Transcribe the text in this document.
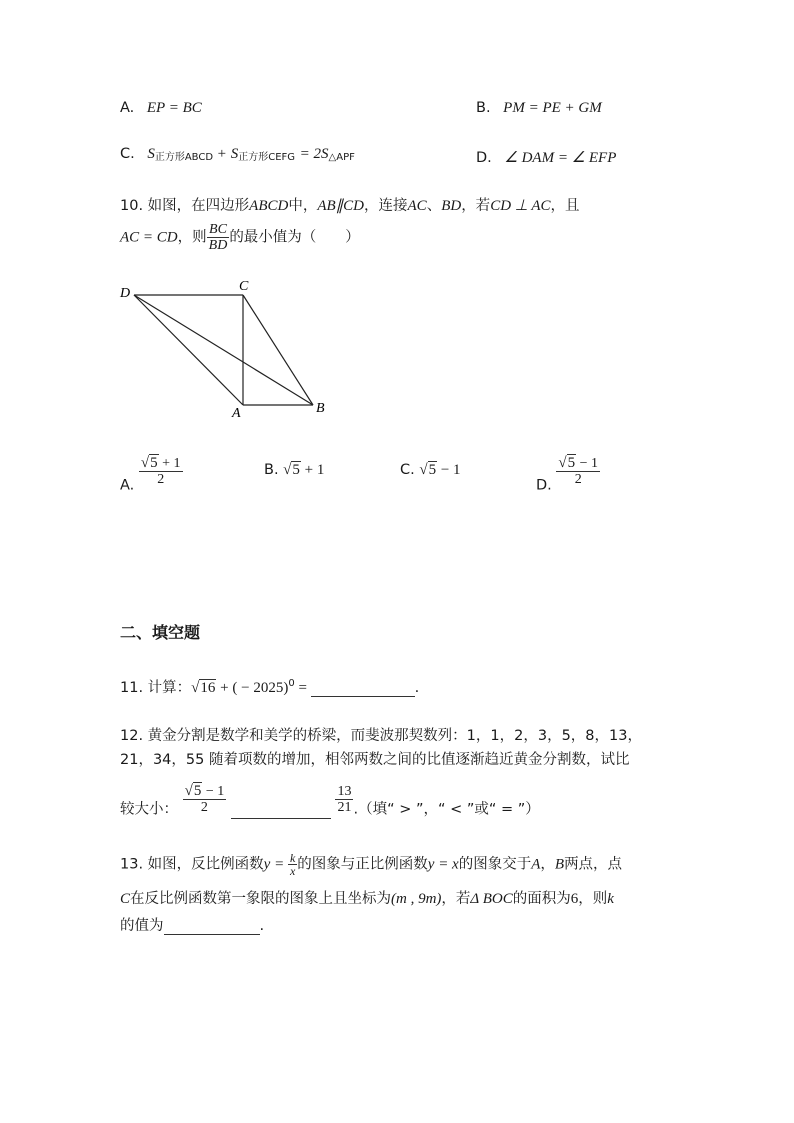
A. EP = BC	B. PM = PE + GM
C. $S_{正方形ABCD} + S_{正方形CEFG} = 2S_{\triangle APF}$	D. ∠ DAM = ∠ EFP
10. 如图，在四边形ABCD中，AB∥CD，连接AC、BD，若CD ⊥ AC，且
AC = CD，则 $\frac{BC}{BD}$ 的最小值为（　　）
D	C
A	B
A. $\frac{√5 + 1}{2}$	B. √5 + 1	C. √5 − 1
D. $\frac{√5 - 1}{2}$
二、填空题
11. 计算：√16 + ( − 2025)$^0$ =	.
12. 黄金分割是数学和美学的桥梁，而斐波那契数列：1，1，2，3，5，8，13，
21，34，55 随着项数的增加，相邻两数之间的比值逐渐趋近黄金分割数，试比
较大小： $\frac{√5 - 1}{2}$
	$\frac{13}{21}$ .（填“ > ”，“ < ”或“ = ”）
13. 如图，反比例函数$y = \frac{k}{x}$ 的图象与正比例函数y = x的图象交于A，B两点，点
C在反比例函数第一象限的图象上且坐标为(m , 9m)，若Δ BOC的面积为6，则k
的值为	.
